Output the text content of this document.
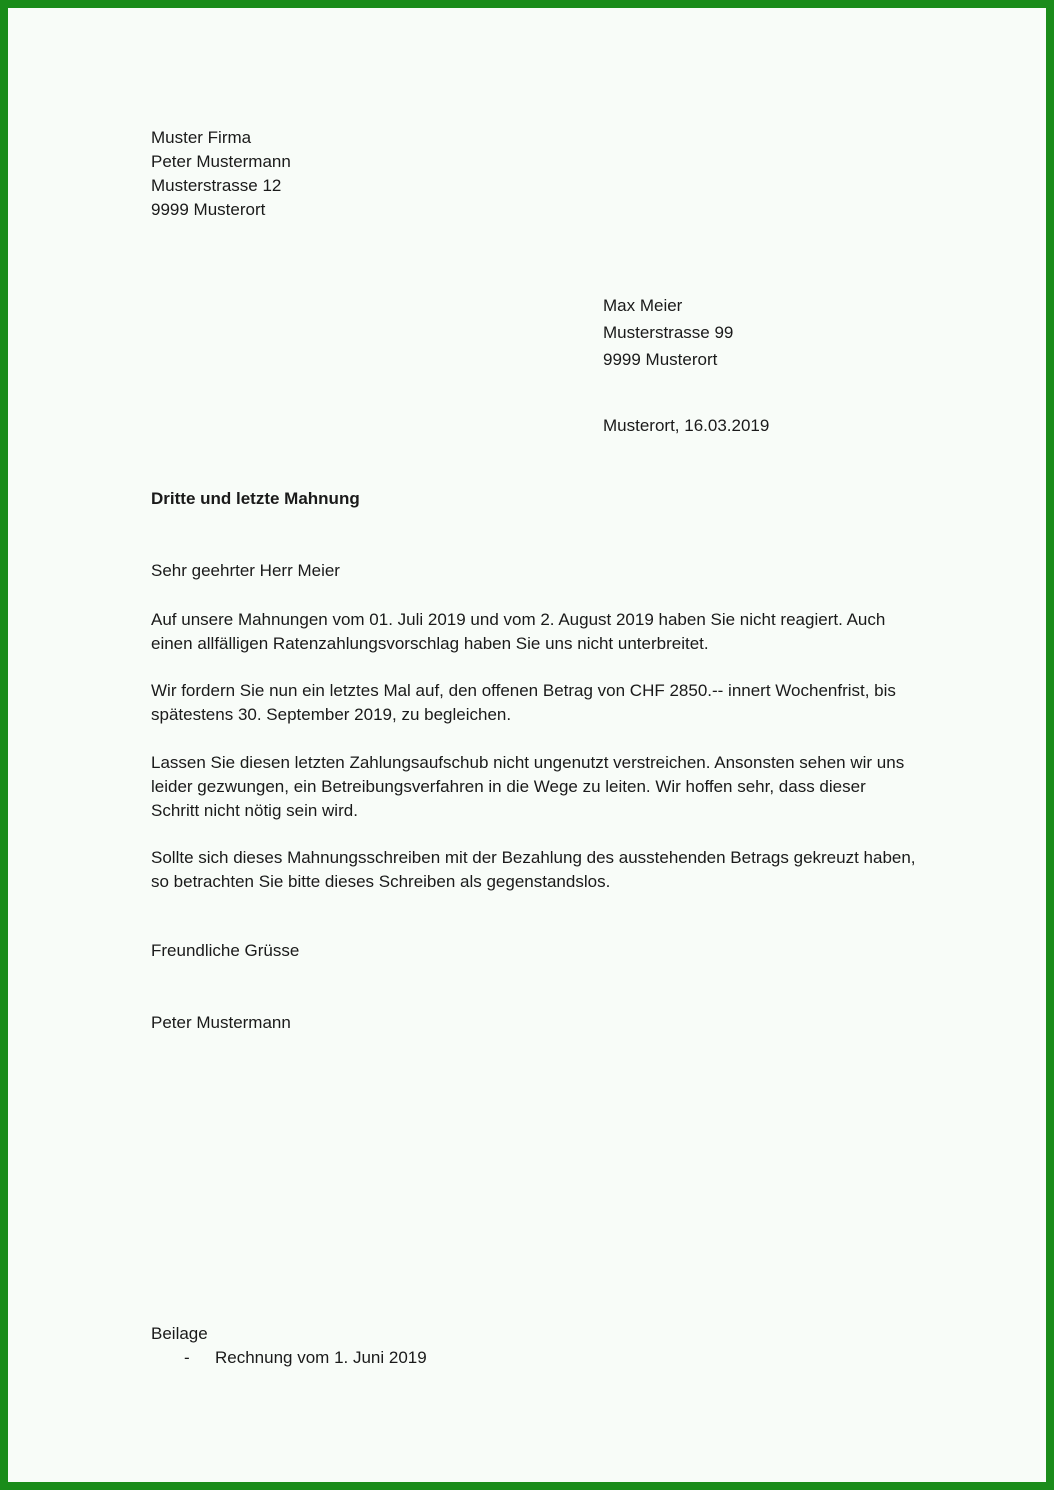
Muster Firma
Peter Mustermann
Musterstrasse 12
9999 Musterort
Max Meier
Musterstrasse 99
9999 Musterort
Musterort, 16.03.2019
Dritte und letzte Mahnung
Sehr geehrter Herr Meier
Auf unsere Mahnungen vom 01. Juli 2019 und vom 2. August 2019 haben Sie nicht reagiert. Auch
einen allfälligen Ratenzahlungsvorschlag haben Sie uns nicht unterbreitet.
Wir fordern Sie nun ein letztes Mal auf, den offenen Betrag von CHF 2850.-- innert Wochenfrist, bis
spätestens 30. September 2019, zu begleichen.
Lassen Sie diesen letzten Zahlungsaufschub nicht ungenutzt verstreichen. Ansonsten sehen wir uns
leider gezwungen, ein Betreibungsverfahren in die Wege zu leiten. Wir hoffen sehr, dass dieser
Schritt nicht nötig sein wird.
Sollte sich dieses Mahnungsschreiben mit der Bezahlung des ausstehenden Betrags gekreuzt haben,
so betrachten Sie bitte dieses Schreiben als gegenstandslos.
Freundliche Grüsse
Peter Mustermann
Beilage
-	Rechnung vom 1. Juni 2019
